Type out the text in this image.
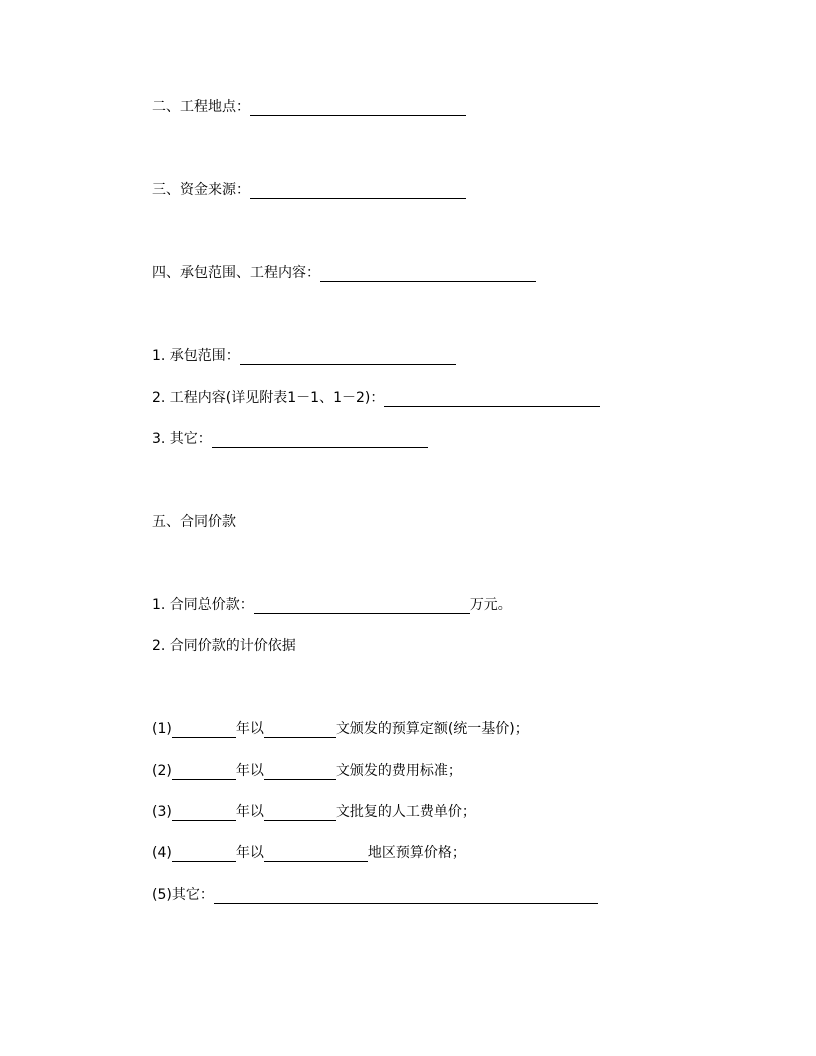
二、工程地点：
三、资金来源：
四、承包范围、工程内容：
1. 承包范围：
2. 工程内容(详见附表1－1、1－2)：
3. 其它：
五、合同价款
1. 合同总价款：	万元。
2. 合同价款的计价依据
(1)	年以	文颁发的预算定额(统一基价)；
(2)	年以	文颁发的费用标准；
(3)	年以	文批复的人工费单价；
(4)	年以	地区预算价格；
(5)其它：
